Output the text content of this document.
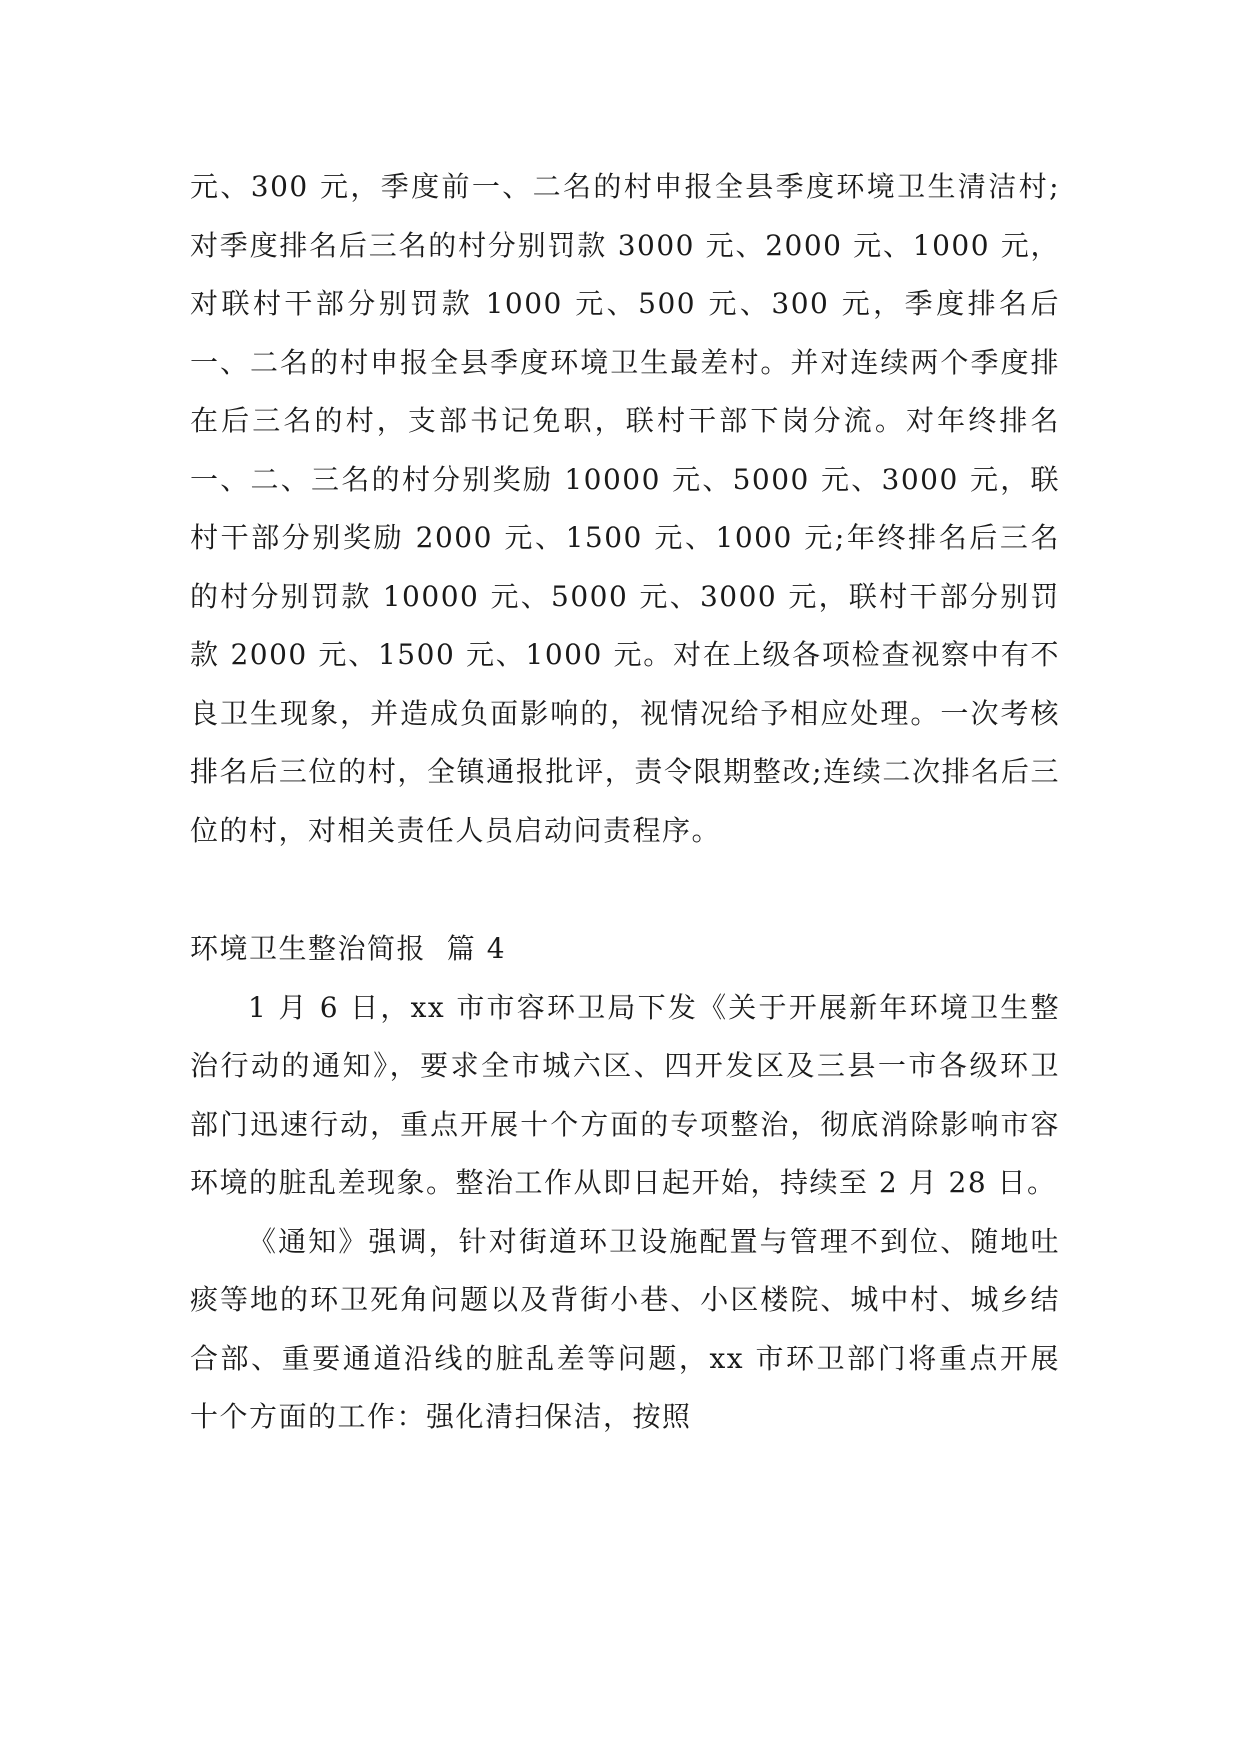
元、300 元，季度前一、二名的村申报全县季度环境卫生清洁村;对季度排名后三名的村分别罚款 3000 元、2000 元、1000 元，对联村干部分别罚款 1000 元、500 元、300 元，季度排名后一、二名的村申报全县季度环境卫生最差村。并对连续两个季度排在后三名的村，支部书记免职，联村干部下岗分流。对年终排名一、二、三名的村分别奖励 10000 元、5000 元、3000 元，联村干部分别奖励 2000 元、1500 元、1000 元;年终排名后三名的村分别罚款 10000 元、5000 元、3000 元，联村干部分别罚款 2000 元、1500 元、1000 元。对在上级各项检查视察中有不良卫生现象，并造成负面影响的，视情况给予相应处理。一次考核排名后三位的村，全镇通报批评，责令限期整改;连续二次排名后三位的村，对相关责任人员启动问责程序。

环境卫生整治简报  篇 4

1 月 6 日，xx 市市容环卫局下发《关于开展新年环境卫生整治行动的通知》，要求全市城六区、四开发区及三县一市各级环卫部门迅速行动，重点开展十个方面的专项整治，彻底消除影响市容环境的脏乱差现象。整治工作从即日起开始，持续至 2 月 28 日。

《通知》强调，针对街道环卫设施配置与管理不到位、随地吐痰等地的环卫死角问题以及背街小巷、小区楼院、城中村、城乡结合部、重要通道沿线的脏乱差等问题，xx 市环卫部门将重点开展十个方面的工作：强化清扫保洁，按照
